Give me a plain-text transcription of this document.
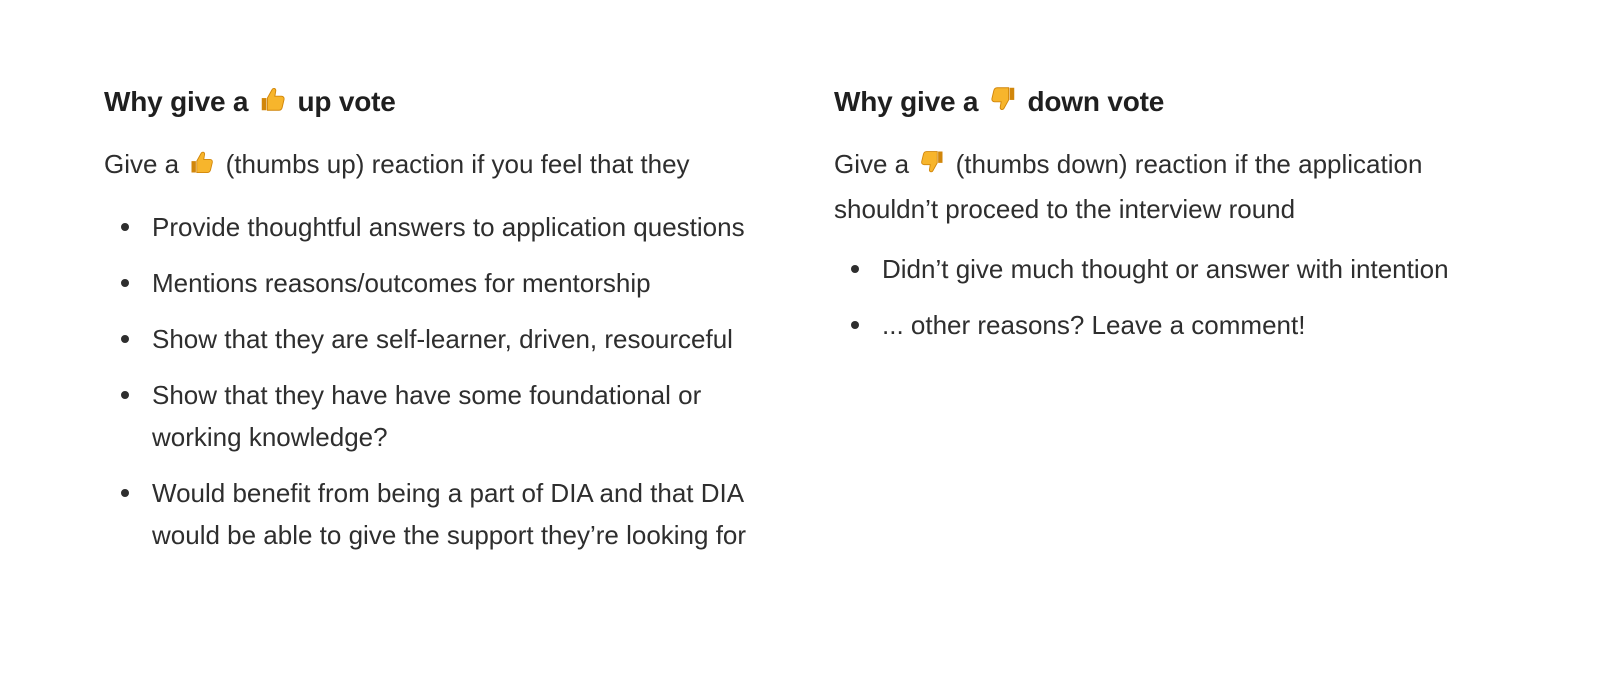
Why give a up vote

Give a (thumbs up) reaction if you feel that they

Provide thoughtful answers to application questions
Mentions reasons/outcomes for mentorship
Show that they are self-learner, driven, resourceful
Show that they have have some foundational or working knowledge?
Would benefit from being a part of DIA and that DIA would be able to give the support they’re looking for
Why give a down vote

Give a (thumbs down) reaction if the application shouldn’t proceed to the interview round

Didn’t give much thought or answer with intention
... other reasons? Leave a comment!
